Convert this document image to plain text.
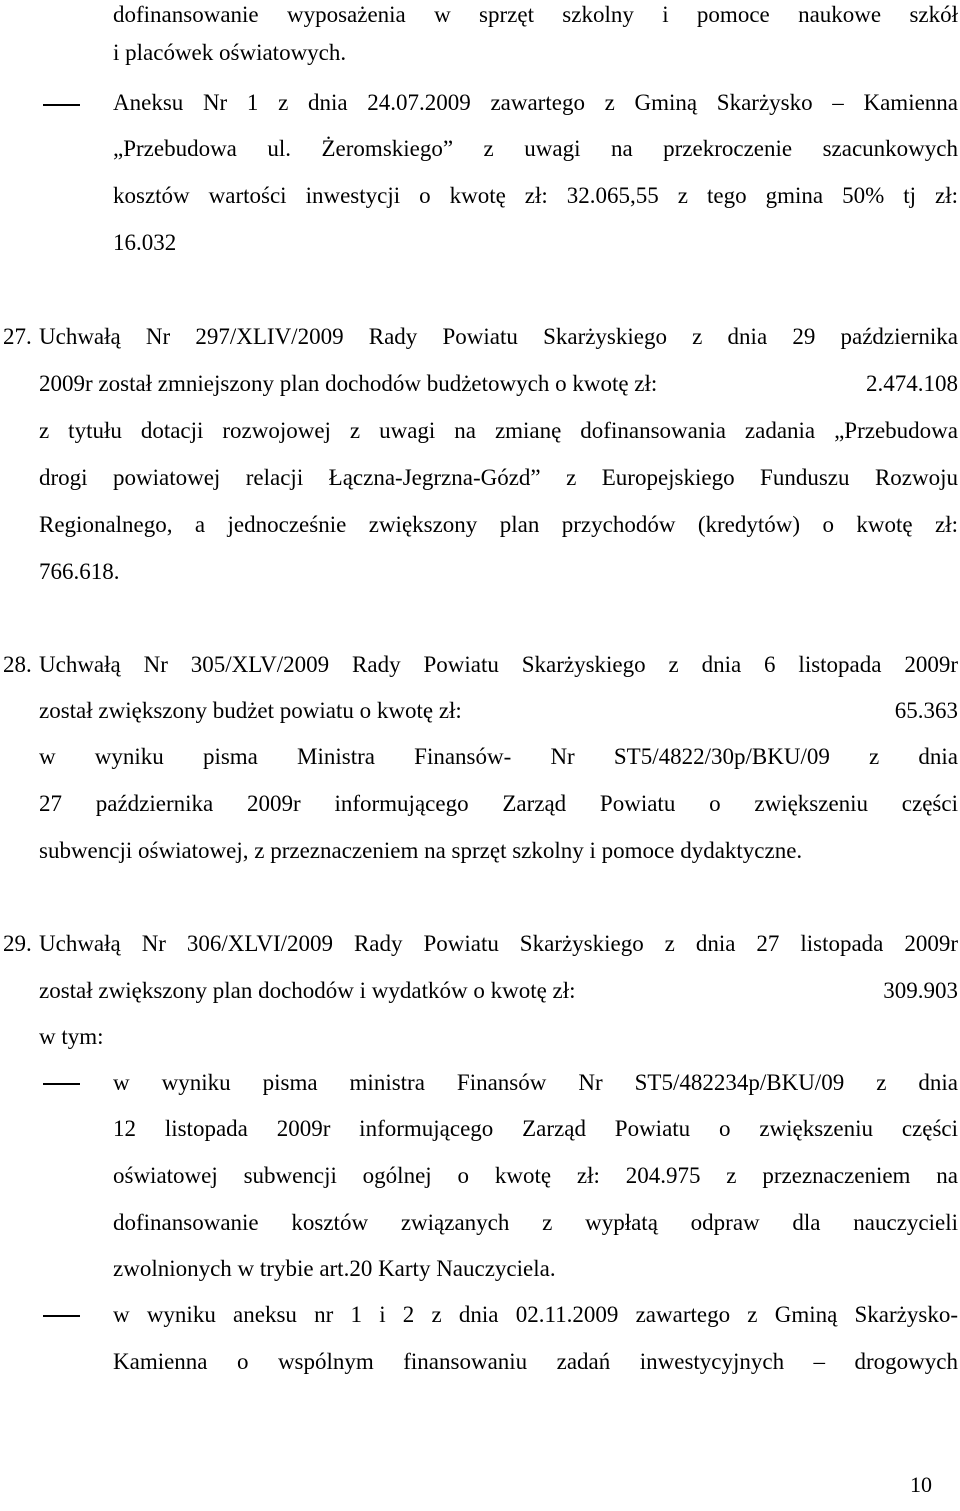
dofinansowanie wyposażenia w sprzęt szkolny i pomoce naukowe szkół
i placówek oświatowych.
Aneksu Nr 1 z dnia 24.07.2009 zawartego z Gminą Skarżysko – Kamienna
„Przebudowa ul. Żeromskiego” z uwagi na przekroczenie szacunkowych
kosztów wartości inwestycji o kwotę zł: 32.065,55 z tego gmina 50% tj zł:
16.032
27. Uchwałą Nr 297/XLIV/2009 Rady Powiatu Skarżyskiego z dnia 29 października
2009r został zmniejszony plan dochodów budżetowych o kwotę zł:	2.474.108
z tytułu dotacji rozwojowej z uwagi na zmianę dofinansowania zadania „Przebudowa
drogi powiatowej relacji Łączna-Jegrzna-Gózd” z Europejskiego Funduszu Rozwoju
Regionalnego, a jednocześnie zwiększony plan przychodów (kredytów) o kwotę zł:
766.618.
28. Uchwałą Nr 305/XLV/2009 Rady Powiatu Skarżyskiego z dnia 6 listopada 2009r
został zwiększony budżet powiatu o kwotę zł:	65.363
w wyniku pisma Ministra Finansów- Nr ST5/4822/30p/BKU/09 z dnia
27 października 2009r informującego Zarząd Powiatu o zwiększeniu części
subwencji oświatowej, z przeznaczeniem na sprzęt szkolny i pomoce dydaktyczne.
29. Uchwałą Nr 306/XLVI/2009 Rady Powiatu Skarżyskiego z dnia 27 listopada 2009r
został zwiększony plan dochodów i wydatków o kwotę zł:	309.903
w tym:
w wyniku pisma ministra Finansów Nr ST5/482234p/BKU/09 z dnia
12 listopada 2009r informującego Zarząd Powiatu o zwiększeniu części
oświatowej subwencji ogólnej o kwotę zł: 204.975 z przeznaczeniem na
dofinansowanie kosztów związanych z wypłatą odpraw dla nauczycieli
zwolnionych w trybie art.20 Karty Nauczyciela.
w wyniku aneksu nr 1 i 2 z dnia 02.11.2009 zawartego z Gminą Skarżysko-
Kamienna o wspólnym finansowaniu zadań inwestycyjnych – drogowych
10
